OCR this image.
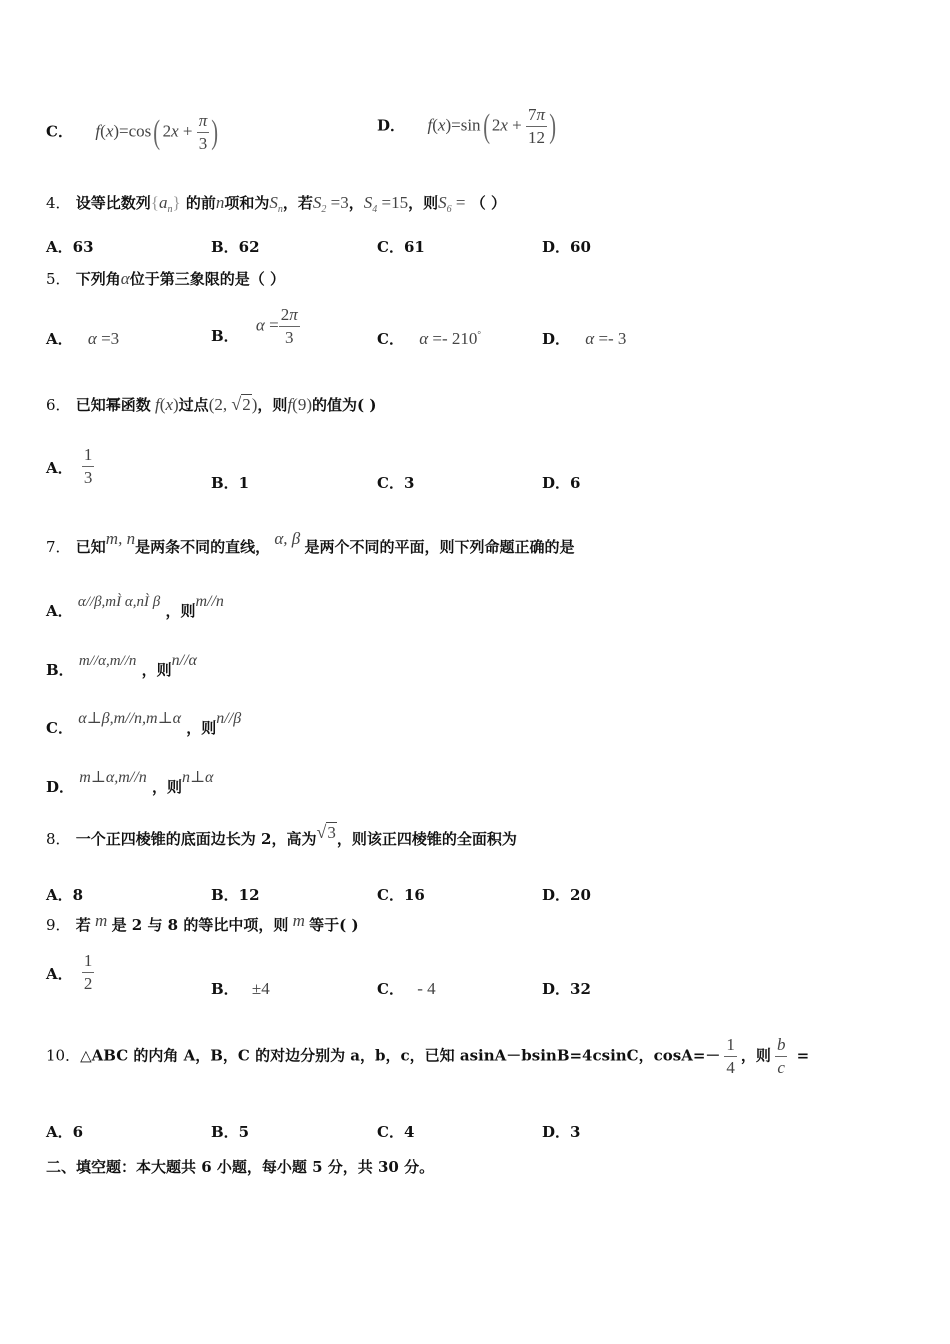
C． f(x)=cos( $2x + \frac{\pi}{3}$ )	D． f(x)=sin( $2x + \frac{7\pi}{12}$ )
4． 设等比数列$\{a_n\}$ 的前n项和为$S_n$，若$S_2 =3$，$S_4 =15$，则$S_6$ = （ ）
A．63	B．62	C．61	D．60
5． 下列角α位于第三象限的是（ ）
A． α =3	B． $\alpha = \frac{2\pi}{3}$	C． α =- 210°	D． α =- 3
6． 已知幂函数 f(x)过点(2, √2)，则f(9)的值为( )
A． $\frac{1}{3}$	B．1	C．3	D．6
7． 已知m, n是两条不同的直线， α, β 是两个不同的平面，则下列命题正确的是
A． α//β,mÌ α,nÌ β ，则m//n
B． m//α,m//n ，则n//α
C． α⊥β,m//n,m⊥α ，则n//β
D． m⊥α,m//n ，则n⊥α
8． 一个正四棱锥的底面边长为 2，高为√3，则该正四棱锥的全面积为
A．8	B．12	C．16	D．20
9． 若 m 是 2 与 8 的等比中项，则 m 等于( )
A． $\frac{1}{2}$	B． ±4	C． - 4	D．32
10．△ABC 的内角 A，B，C 的对边分别为 a，b，c，已知 asinA－bsinB=4csinC，$\cos A=- \frac{1}{4}$ ，则 $\frac{b}{c}$ =
A．6	B．5	C．4	D．3
二、填空题：本大题共 6 小题，每小题 5 分，共 30 分。
